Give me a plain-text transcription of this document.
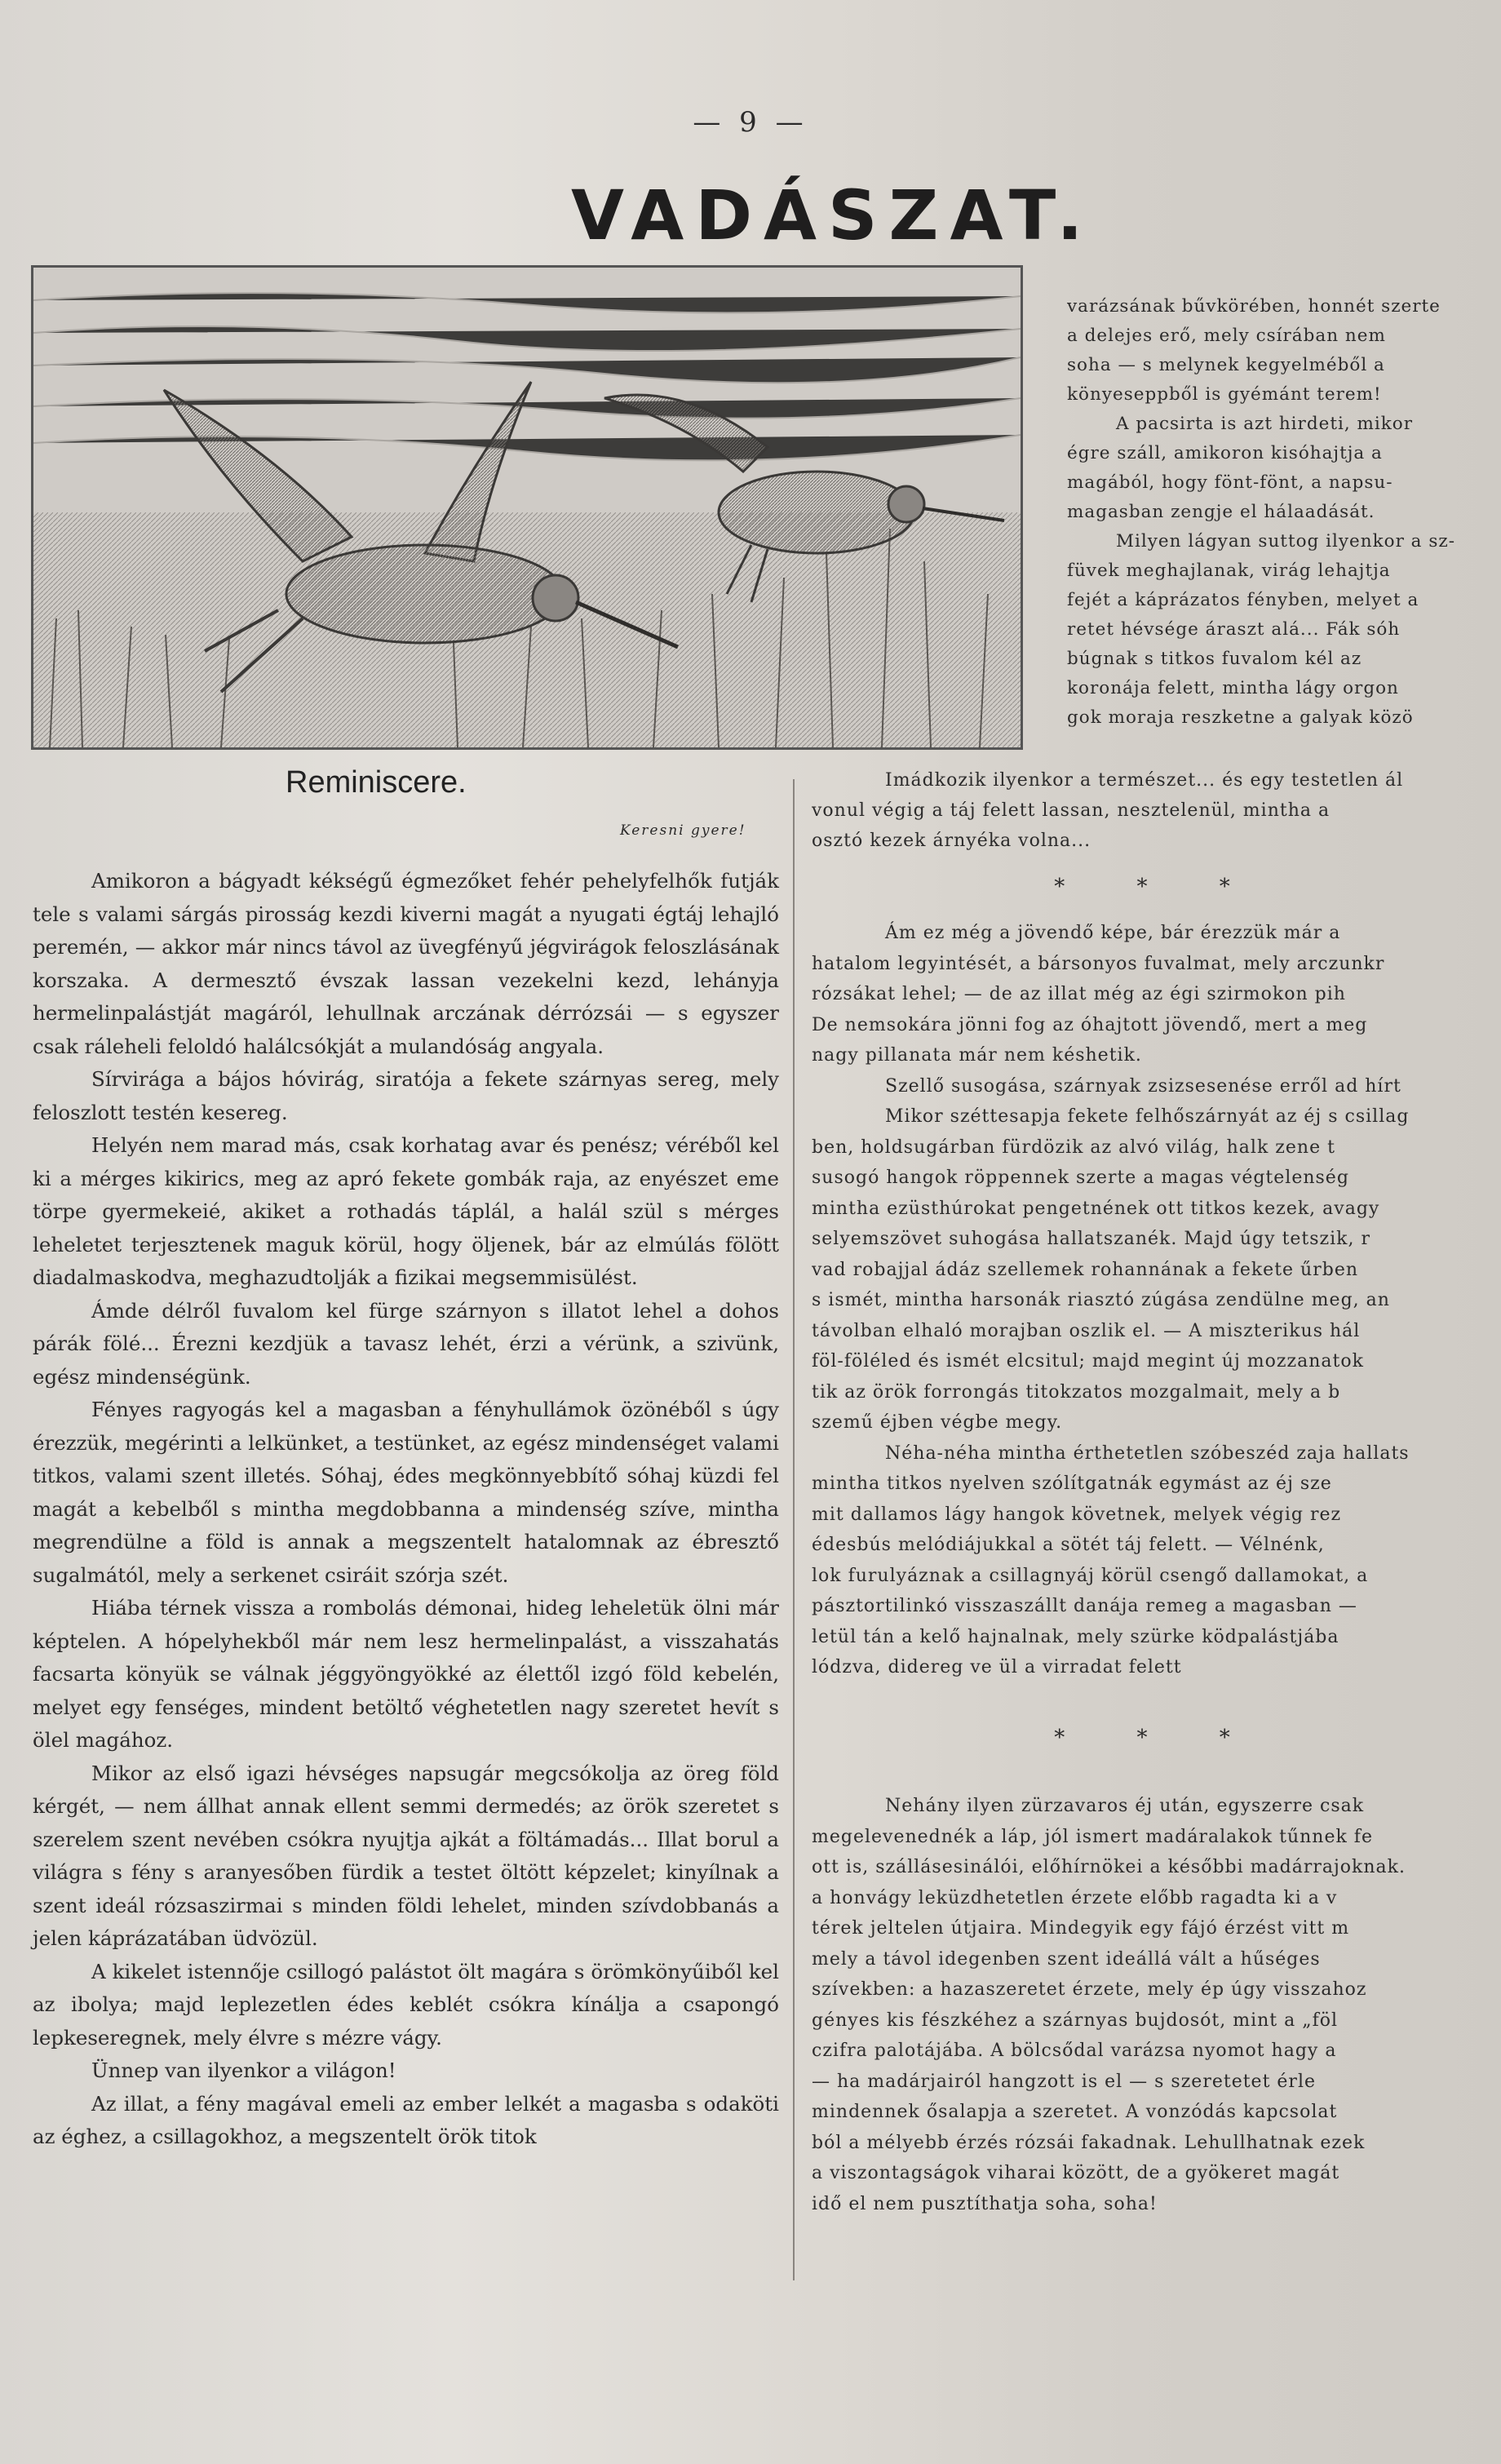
— 9 —
VADÁSZAT.
Reminiscere.
Keresni gyere!

Amikoron a bágyadt kékségű égmezőket fehér pehelyfelhők futják tele s valami sárgás pirosság kezdi kiverni magát a nyugati égtáj lehajló peremén, — akkor már nincs távol az üvegfényű jégvirágok feloszlásának korszaka. A dermesztő évszak lassan vezekelni kezd, lehányja hermelinpalástját magáról, lehullnak arczának dérrózsái — s egyszer csak ráleheli feloldó halálcsókját a mulandóság angyala.

Sírvirága a bájos hóvirág, siratója a fekete szárnyas sereg, mely feloszlott testén kesereg.

Helyén nem marad más, csak korhatag avar és penész; véréből kel ki a mérges kikirics, meg az apró fekete gombák raja, az enyészet eme törpe gyermekeié, akiket a rothadás táplál, a halál szül s mérges leheletet terjesztenek maguk körül, hogy öljenek, bár az elmúlás fölött diadalmaskodva, meghazudtolják a fizikai megsemmisülést.

Ámde délről fuvalom kel fürge szárnyon s illatot lehel a dohos párák fölé... Érezni kezdjük a tavasz lehét, érzi a vérünk, a szivünk, egész mindenségünk.

Fényes ragyogás kel a magasban a fényhullámok özönéből s úgy érezzük, megérinti a lelkünket, a testünket, az egész mindenséget valami titkos, valami szent illetés. Sóhaj, édes megkönnyebbítő sóhaj küzdi fel magát a kebelből s mintha megdobbanna a mindenség szíve, mintha megrendülne a föld is annak a megszentelt hatalomnak az ébresztő sugalmától, mely a serkenet csiráit szórja szét.

Hiába térnek vissza a rombolás démonai, hideg leheletük ölni már képtelen. A hópelyhekből már nem lesz hermelinpalást, a visszahatás facsarta könyük se válnak jéggyöngyökké az élettől izgó föld kebelén, melyet egy fenséges, mindent betöltő véghetetlen nagy szeretet hevít s ölel magához.

Mikor az első igazi hévséges napsugár megcsókolja az öreg föld kérgét, — nem állhat annak ellent semmi dermedés; az örök szeretet s szerelem szent nevében csókra nyujtja ajkát a föltámadás... Illat borul a világra s fény s aranyesőben fürdik a testet öltött képzelet; kinyílnak a szent ideál rózsaszirmai s minden földi lehelet, minden szívdobbanás a jelen káprázatában üdvözül.

A kikelet istennője csillogó palástot ölt magára s örömkönyűiből kel az ibolya; majd leplezetlen édes keblét csókra kínálja a csapongó lepkeseregnek, mely élvre s mézre vágy.

Ünnep van ilyenkor a világon!

Az illat, a fény magával emeli az ember lelkét a magasba s odaköti az éghez, a csillagokhoz, a megszentelt örök titok

varázsának bűvkörében, honnét szerte

a delejes erő, mely csírában nem

soha — s melynek kegyelméből a

könyeseppből is gyémánt terem!

A pacsirta is azt hirdeti, mikor

égre száll, amikoron kisóhajtja a

magából, hogy fönt-fönt, a napsu-

magasban zengje el hálaadását.

Milyen lágyan suttog ilyenkor a sz-

füvek meghajlanak, virág lehajtja

fejét a káprázatos fényben, melyet a

retet hévsége áraszt alá... Fák sóh

búgnak s titkos fuvalom kél az

koronája felett, mintha lágy orgon

gok morajа reszketne a galyak közö

Imádkozik ilyenkor a természet... és egy testetlen ál

vonul végig a táj felett lassan, nesztelenül, mintha a

osztó kezek árnyéka volna...

* * *

Ám ez még a jövendő képe, bár érezzük már a

hatalom legyintését, a bársonyos fuvalmat, mely arczunkr

rózsákat lehel; — de az illat még az égi szirmokon pih

De nemsokára jönni fog az óhajtott jövendő, mert a meg

nagy pillanata már nem késhetik.

Szellő susogása, szárnyak zsizsesenése erről ad hírt

Mikor széttesapja fekete felhőszárnyát az éj s csillag

ben, holdsugárban fürdözik az alvó világ, halk zene t

susogó hangok röppennek szerte a magas végtelenség

mintha ezüsthúrokat pengetnének ott titkos kezek, avagy

selyemszövet suhogása hallatszanék. Majd úgy tetszik, r

vad robajjal ádáz szellemek rohannának a fekete űrben

s ismét, mintha harsonák riasztó zúgása zendülne meg, an

távolban elhaló morajban oszlik el. — A miszterikus hál

föl-föléled és ismét elcsitul; majd megint új mozzanatok

tik az örök forrongás titokzatos mozgalmait, mely a b

szemű éjben végbe megy.

Néha-néha mintha érthetetlen szóbeszéd zaja hallats

mintha titkos nyelven szólítgatnák egymást az éj sze

mit dallamos lágy hangok követnek, melyek végig rez

édesbús melódiájukkal a sötét táj felett. — Vélnénk,

lok furulyáznak a csillagnyáj körül csengő dallamokat, a

pásztortilinkó visszaszállt danája remeg a magasban —

letül tán a kelő hajnalnak, mely szürke ködpalástjába

lódzva, didereg ve ül a virradat felett

* * *

Nehány ilyen zürzavaros éj után, egyszerre csak

megelevenednék a láp, jól ismert madáralakok tűnnek fe

ott is, szállásesinálói, előhírnökei a későbbi madárrajoknak.

a honvágy leküzdhetetlen érzete előbb ragadta ki a v

térek jeltelen útjaira. Mindegyik egy fájó érzést vitt m

mely a távol idegenben szent ideállá vált a hűséges

szívekben: a hazaszeretet érzete, mely ép úgy visszahoz

gényes kis fészkéhez a szárnyas bujdosót, mint a „föl

czifra palotájába. A bölcsődal varázsa nyomot hagy a

— ha madárjairól hangzott is el — s szeretetet érle

mindennek ősalapja a szeretet. A vonzódás kapcsolat

ból a mélyebb érzés rózsái fakadnak. Lehullhatnak ezek

a viszontagságok viharai között, de a gyökeret magát

idő el nem pusztíthatja soha, soha!
